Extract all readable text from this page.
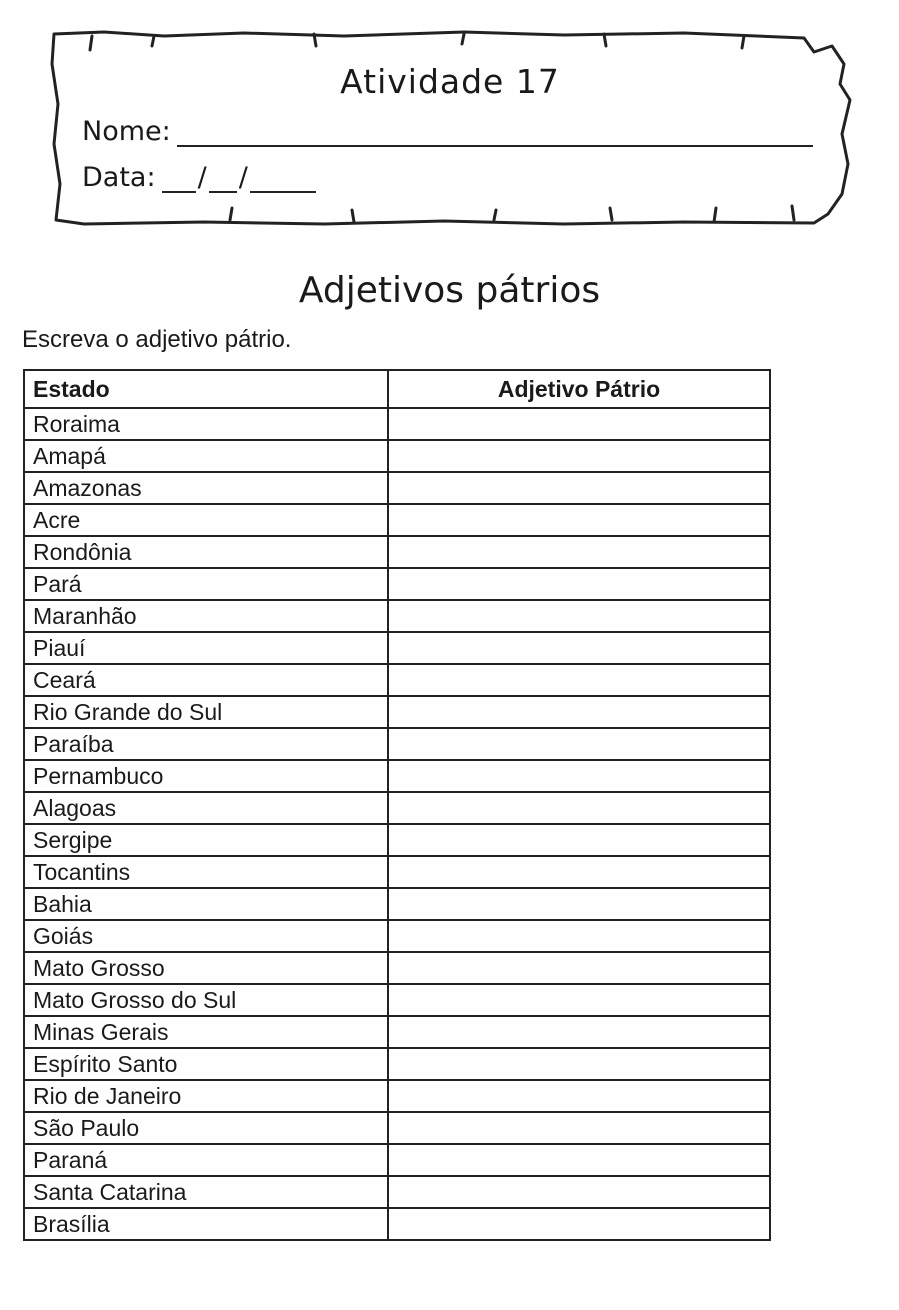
Atividade 17
Nome:
Data: / /
Adjetivos pátrios
Escreva o adjetivo pátrio.
Estado	Adjetivo Pátrio
Roraima	
Amapá	
Amazonas	
Acre	
Rondônia	
Pará	
Maranhão	
Piauí	
Ceará	
Rio Grande do Sul	
Paraíba	
Pernambuco	
Alagoas	
Sergipe	
Tocantins	
Bahia	
Goiás	
Mato Grosso	
Mato Grosso do Sul	
Minas Gerais	
Espírito Santo	
Rio de Janeiro	
São Paulo	
Paraná	
Santa Catarina	
Brasília	
